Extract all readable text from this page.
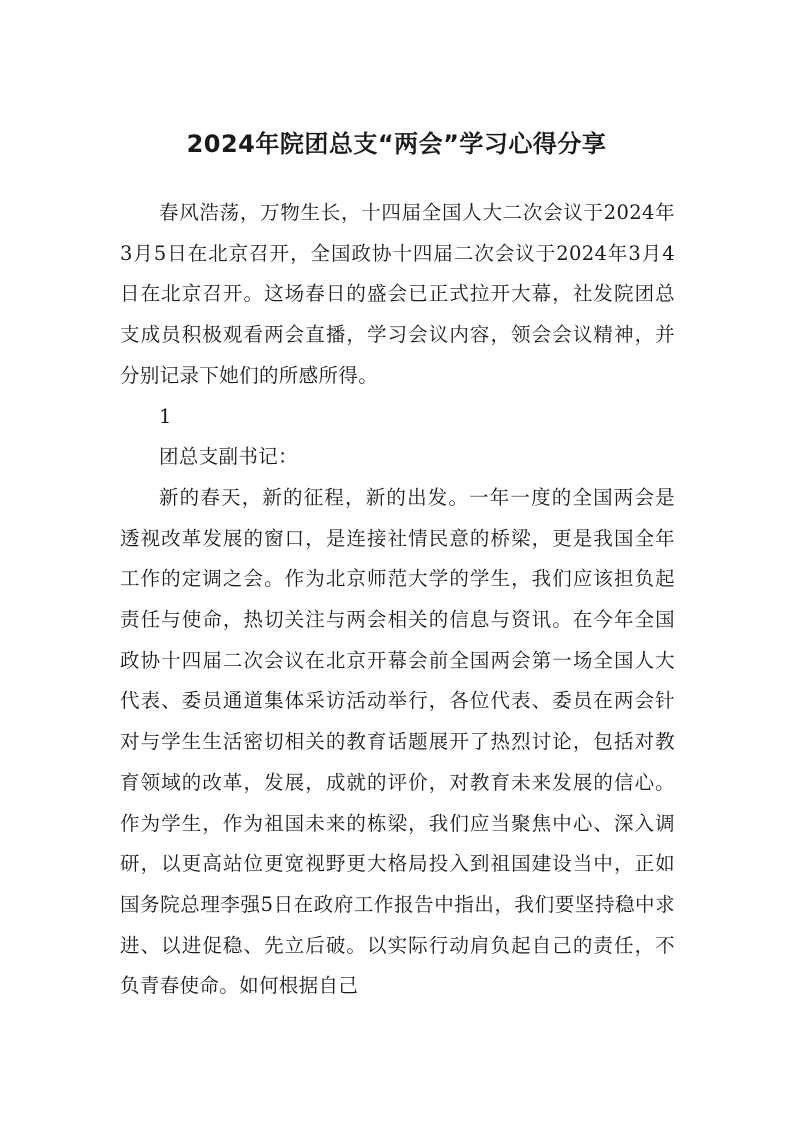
2024年院团总支“两会”学习心得分享

春风浩荡，万物生长，十四届全国人大二次会议于2024年3月5日在北京召开，全国政协十四届二次会议于2024年3月4日在北京召开。这场春日的盛会已正式拉开大幕，社发院团总支成员积极观看两会直播，学习会议内容，领会会议精神，并分别记录下她们的所感所得。

1

团总支副书记：

新的春天，新的征程，新的出发。一年一度的全国两会是透视改革发展的窗口，是连接社情民意的桥梁，更是我国全年工作的定调之会。作为北京师范大学的学生，我们应该担负起责任与使命，热切关注与两会相关的信息与资讯。在今年全国政协十四届二次会议在北京开幕会前全国两会第一场全国人大代表、委员通道集体采访活动举行，各位代表、委员在两会针对与学生生活密切相关的教育话题展开了热烈讨论，包括对教育领域的改革，发展，成就的评价，对教育未来发展的信心。作为学生，作为祖国未来的栋梁，我们应当聚焦中心、深入调研，以更高站位更宽视野更大格局投入到祖国建设当中，正如国务院总理李强5日在政府工作报告中指出，我们要坚持稳中求进、以进促稳、先立后破。以实际行动肩负起自己的责任，不负青春使命。如何根据自己
